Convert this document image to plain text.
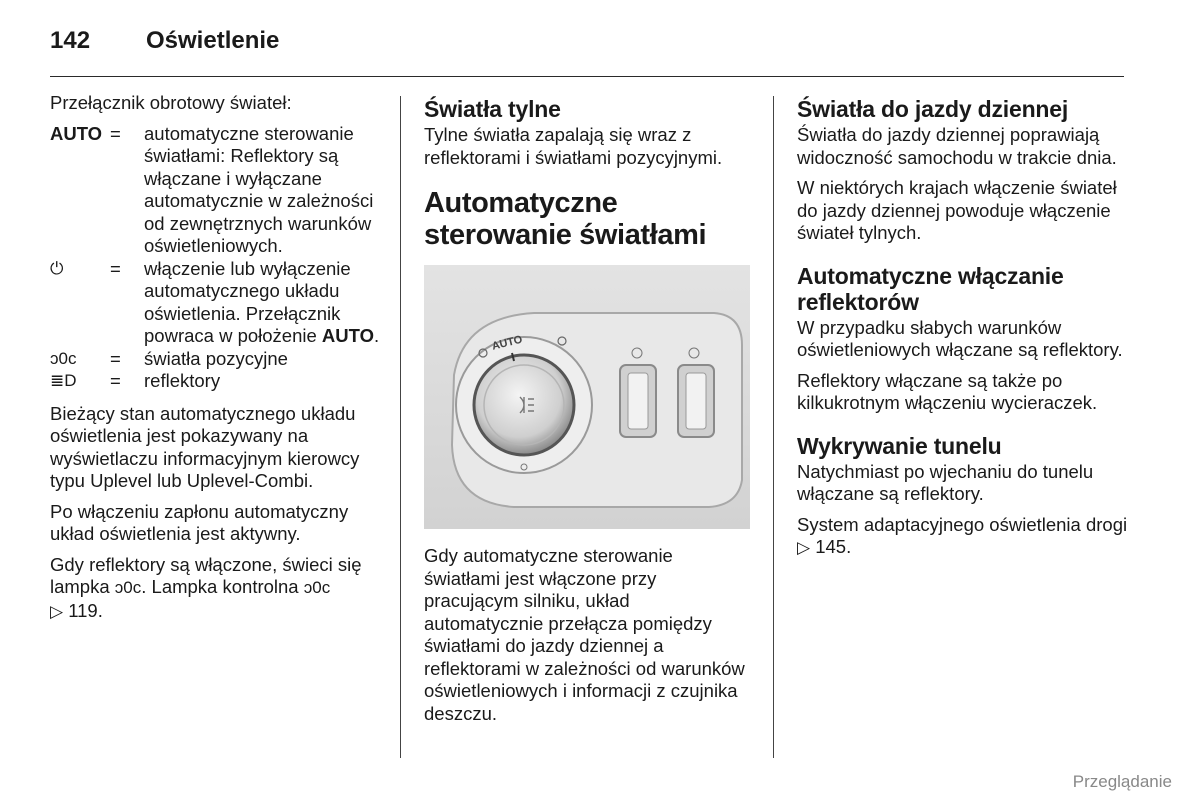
142 Oświetlenie

Przełącznik obrotowy świateł:

AUTO =	automatyczne sterowanie światłami: Reflektory są włączane i wyłączane automatycznie w zależności od zewnętrznych warunków oświetleniowych.
⏻	=	włączenie lub wyłączenie automatycznego układu oświetlenia. Przełącznik powraca w położenie AUTO.
ᴐ0ᴄ	=	światła pozycyjne
≣D	=	reflektory

Bieżący stan automatycznego układu oświetlenia jest pokazywany na wyświetlaczu informacyjnym kierowcy typu Uplevel lub Uplevel-Combi.

Po włączeniu zapłonu automatyczny układ oświetlenia jest aktywny.

Gdy reflektory są włączone, świeci się lampka ᴐ0ᴄ. Lampka kontrolna ᴐ0ᴄ
▷ 119.

Światła tylne

Tylne światła zapalają się wraz z reflektorami i światłami pozycyjnymi.

Automatyczne sterowanie światłami
AUTO

Gdy automatyczne sterowanie światłami jest włączone przy pracującym silniku, układ automatycznie przełącza pomiędzy światłami do jazdy dziennej a reflektorami w zależności od warunków oświetleniowych i informacji z czujnika deszczu.

Światła do jazdy dziennej

Światła do jazdy dziennej poprawiają widoczność samochodu w trakcie dnia.

W niektórych krajach włączenie świateł do jazdy dziennej powoduje włączenie świateł tylnych.

Automatyczne włączanie reflektorów

W przypadku słabych warunków oświetleniowych włączane są reflektory.

Reflektory włączane są także po kilkukrotnym włączeniu wycieraczek.

Wykrywanie tunelu

Natychmiast po wjechaniu do tunelu włączane są reflektory.

System adaptacyjnego oświetlenia drogi ▷ 145.

Przeglądanie
